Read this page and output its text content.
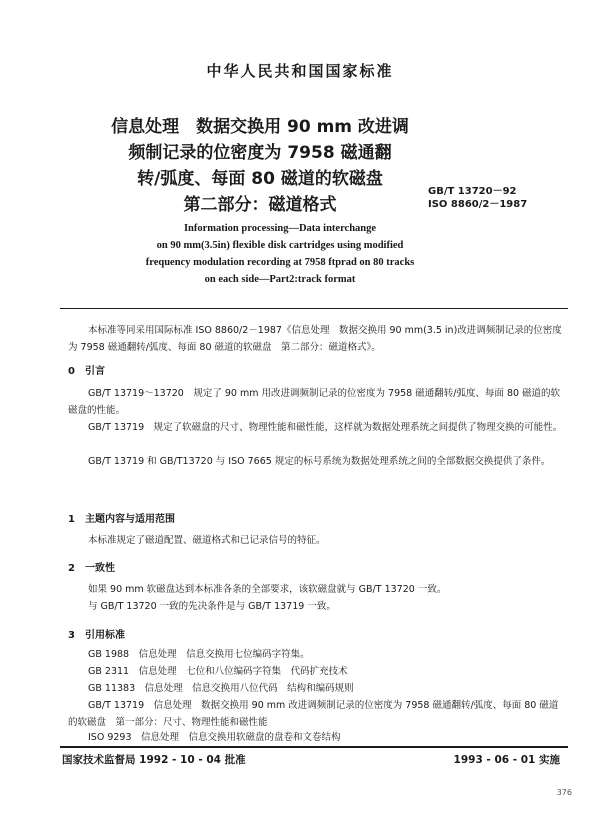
中华人民共和国国家标准
信息处理　数据交换用 90 mm 改进调
频制记录的位密度为 7958 磁通翻
转/弧度、每面 80 磁道的软磁盘
第二部分：磁道格式
GB/T 13720－92
ISO 8860/2－1987
Information processing—Data interchange
on 90 mm(3.5in) flexible disk cartridges using modified
frequency modulation recording at 7958 ftprad on 80 tracks
on each side—Part2:track format
本标准等同采用国际标准 ISO 8860/2－1987《信息处理　数据交换用 90 mm(3.5 in)改进调频制记录的位密度为 7958 磁通翻转/弧度、每面 80 磁道的软磁盘　第二部分：磁道格式》。
0　引言
GB/T 13719～13720　规定了 90 mm 用改进调频制记录的位密度为 7958 磁通翻转/弧度、每面 80 磁道的软磁盘的性能。
GB/T 13719　规定了软磁盘的尺寸、物理性能和磁性能，这样就为数据处理系统之间提供了物理交换的可能性。
GB/T 13719 和 GB/T13720 与 ISO 7665 规定的标号系统为数据处理系统之间的全部数据交换提供了条件。
1　主题内容与适用范围
本标准规定了磁道配置、磁道格式和已记录信号的特征。
2　一致性
如果 90 mm 软磁盘达到本标准各条的全部要求，该软磁盘就与 GB/T 13720 一致。
与 GB/T 13720 一致的先决条件是与 GB/T 13719 一致。
3　引用标准
GB 1988　信息处理　信息交换用七位编码字符集。
GB 2311　信息处理　七位和八位编码字符集　代码扩充技术
GB 11383　信息处理　信息交换用八位代码　结构和编码规则
GB/T 13719　信息处理　数据交换用 90 mm 改进调频制记录的位密度为 7958 磁通翻转/弧度、每面 80 磁道的软磁盘　第一部分：尺寸、物理性能和磁性能
ISO 9293　信息处理　信息交换用软磁盘的盘卷和文卷结构
国家技术监督局 1992 - 10 - 04 批准	1993 - 06 - 01 实施
376
